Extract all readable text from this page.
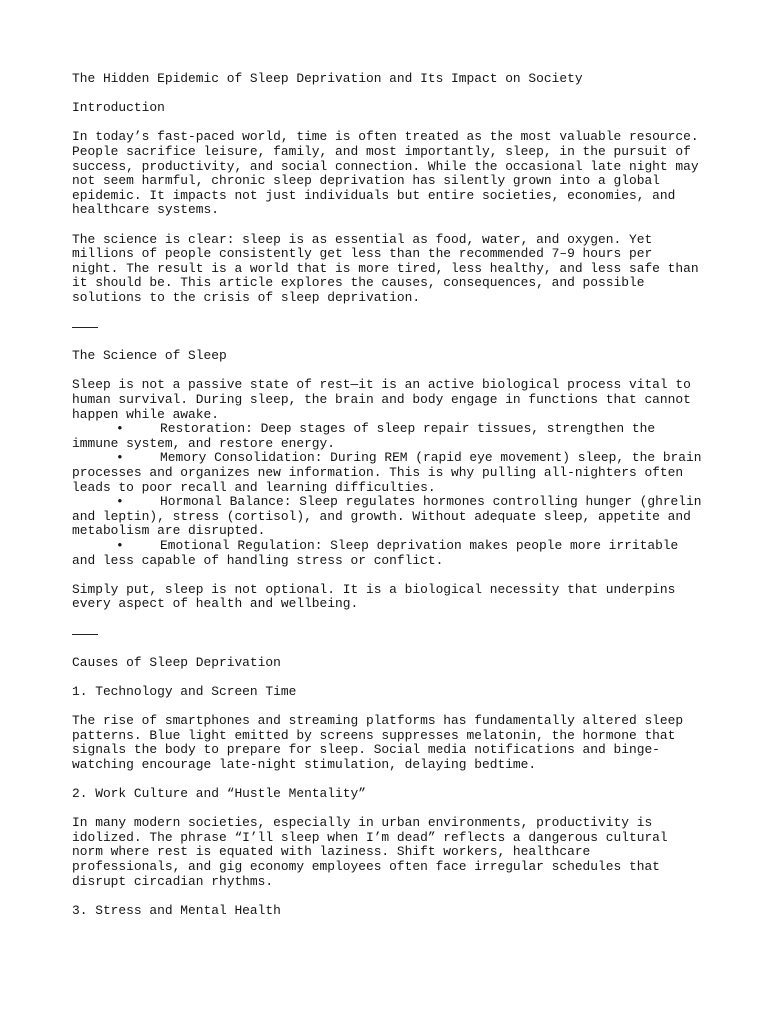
The Hidden Epidemic of Sleep Deprivation and Its Impact on Society

Introduction

In today’s fast-paced world, time is often treated as the most valuable resource. People sacrifice leisure, family, and most importantly, sleep, in the pursuit of success, productivity, and social connection. While the occasional late night may not seem harmful, chronic sleep deprivation has silently grown into a global epidemic. It impacts not just individuals but entire societies, economies, and healthcare systems.

The science is clear: sleep is as essential as food, water, and oxygen. Yet millions of people consistently get less than the recommended 7–9 hours per night. The result is a world that is more tired, less healthy, and less safe than it should be. This article explores the causes, consequences, and possible solutions to the crisis of sleep deprivation.

The Science of Sleep

Sleep is not a passive state of rest—it is an active biological process vital to human survival. During sleep, the brain and body engage in functions that cannot happen while awake.

•	Restoration: Deep stages of sleep repair tissues, strengthen the immune system, and restore energy.

•	Memory Consolidation: During REM (rapid eye movement) sleep, the brain processes and organizes new information. This is why pulling all-nighters often leads to poor recall and learning difficulties.

•	Hormonal Balance: Sleep regulates hormones controlling hunger (ghrelin and leptin), stress (cortisol), and growth. Without adequate sleep, appetite and metabolism are disrupted.

•	Emotional Regulation: Sleep deprivation makes people more irritable and less capable of handling stress or conflict.

Simply put, sleep is not optional. It is a biological necessity that underpins every aspect of health and wellbeing.

Causes of Sleep Deprivation

1. Technology and Screen Time

The rise of smartphones and streaming platforms has fundamentally altered sleep patterns. Blue light emitted by screens suppresses melatonin, the hormone that signals the body to prepare for sleep. Social media notifications and binge-watching encourage late-night stimulation, delaying bedtime.

2. Work Culture and “Hustle Mentality”

In many modern societies, especially in urban environments, productivity is idolized. The phrase “I’ll sleep when I’m dead” reflects a dangerous cultural norm where rest is equated with laziness. Shift workers, healthcare professionals, and gig economy employees often face irregular schedules that disrupt circadian rhythms.

3. Stress and Mental Health
